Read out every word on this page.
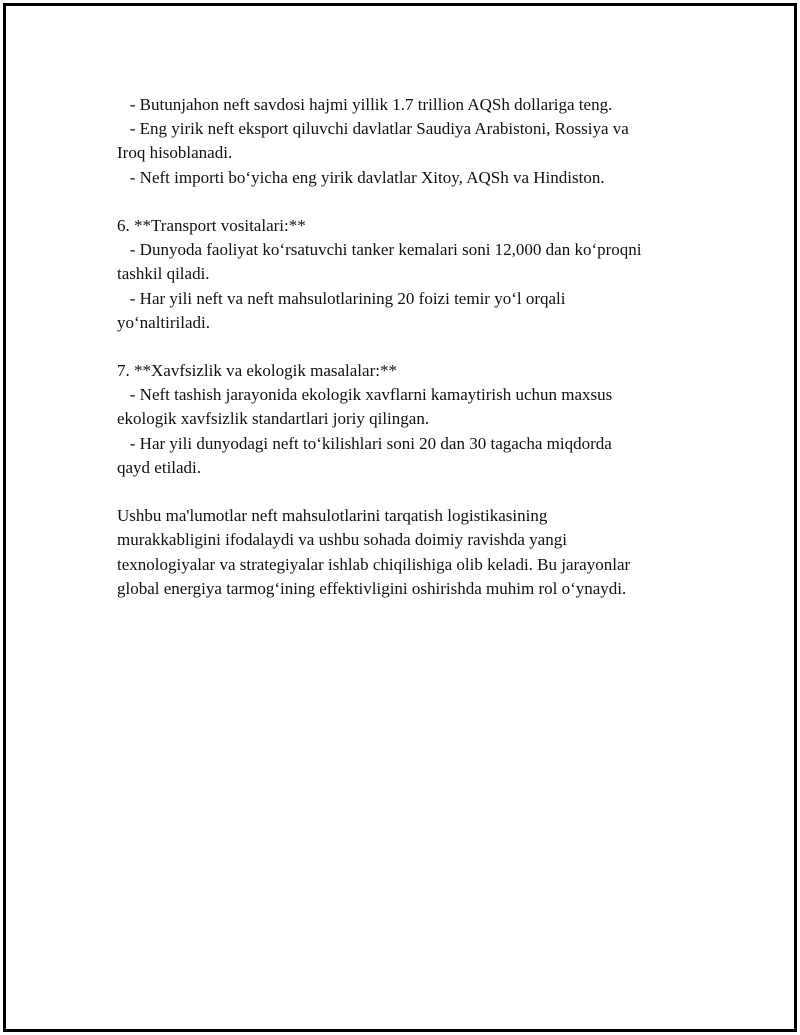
- Butunjahon neft savdosi hajmi yillik 1.7 trillion AQSh dollariga teng.

- Eng yirik neft eksport qiluvchi davlatlar Saudiya Arabistoni, Rossiya va

Iroq hisoblanadi.

- Neft importi bo‘yicha eng yirik davlatlar Xitoy, AQSh va Hindiston.

6. **Transport vositalari:**

- Dunyoda faoliyat ko‘rsatuvchi tanker kemalari soni 12,000 dan ko‘proqni

tashkil qiladi.

- Har yili neft va neft mahsulotlarining 20 foizi temir yo‘l orqali

yo‘naltiriladi.

7. **Xavfsizlik va ekologik masalalar:**

- Neft tashish jarayonida ekologik xavflarni kamaytirish uchun maxsus

ekologik xavfsizlik standartlari joriy qilingan.

- Har yili dunyodagi neft to‘kilishlari soni 20 dan 30 tagacha miqdorda

qayd etiladi.

Ushbu ma'lumotlar neft mahsulotlarini tarqatish logistikasining

murakkabligini ifodalaydi va ushbu sohada doimiy ravishda yangi

texnologiyalar va strategiyalar ishlab chiqilishiga olib keladi. Bu jarayonlar

global energiya tarmog‘ining effektivligini oshirishda muhim rol o‘ynaydi.
